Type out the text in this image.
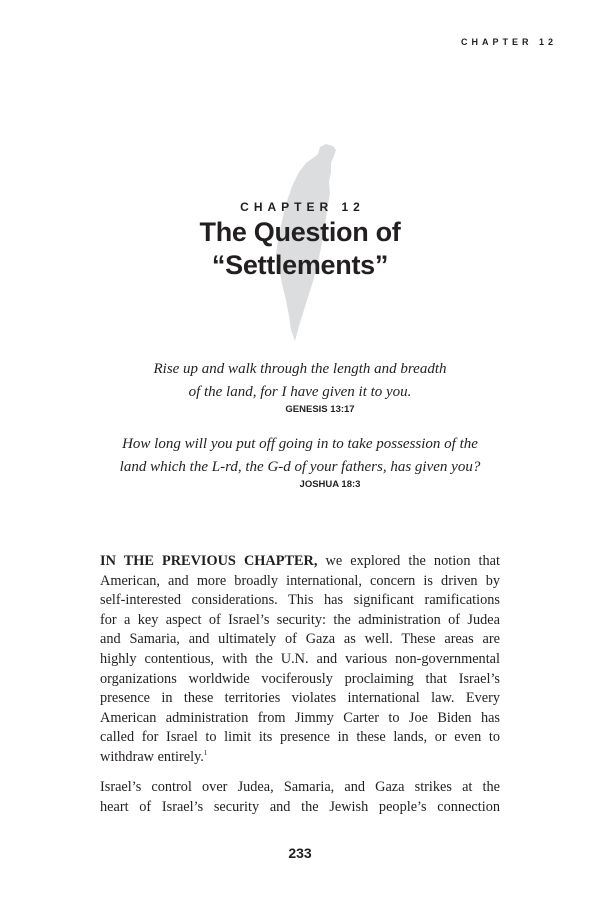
CHAPTER 12
CHAPTER 12
The Question of
“Settlements”
Rise up and walk through the length and breadth
of the land, for I have given it to you.
GENESIS 13:17
How long will you put off going in to take possession of the
land which the L-rd, the G-d of your fathers, has given you?
JOSHUA 18:3
IN THE PREVIOUS CHAPTER, we explored the notion that
American, and more broadly international, concern is driven by
self-interested considerations. This has significant ramifications
for a key aspect of Israel’s security: the administration of Judea
and Samaria, and ultimately of Gaza as well. These areas are
highly contentious, with the U.N. and various non-governmental
organizations worldwide vociferously proclaiming that Israel’s
presence in these territories violates international law. Every
American administration from Jimmy Carter to Joe Biden has
called for Israel to limit its presence in these lands, or even to
withdraw entirely.$^1$
Israel’s control over Judea, Samaria, and Gaza strikes at the
heart of Israel’s security and the Jewish people’s connection
233
